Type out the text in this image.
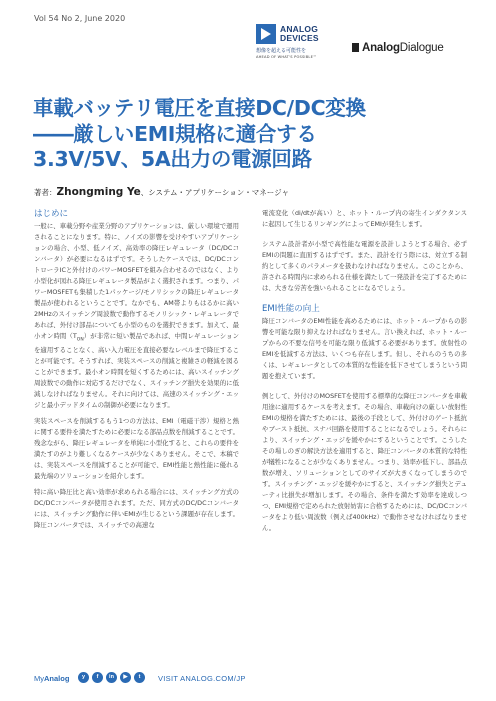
Vol 54 No 2, June 2020
ANALOG
DEVICES
想像を超える可能性を
AHEAD OF WHAT'S POSSIBLE™
AnalogDialogue
車載バッテリ電圧を直接DC/DC変換
――厳しいEMI規格に適合する
3.3V/5V、5A出力の電源回路
著者：Zhongming Ye、システム・アプリケーション・マネージャ
はじめに

一般に、車載分野や産業分野のアプリケーションは、厳しい環境で運用されることになります。特に、ノイズの影響を受けやすいアプリケーションの場合、小型、低ノイズ、高効率の降圧レギュレータ（DC/DCコンバータ）が必要になるはずです。そうしたケースでは、DC/DCコントローラICと外付けのパワーMOSFETを組み合わせるのではなく、より小型化が図れる降圧レギュレータ製品がよく選択されます。つまり、パワーMOSFETも集積した1パッケージ/モノリシックの降圧レギュレータ製品が使われるということです。なかでも、AM帯よりもはるかに高い2MHzのスイッチング周波数で動作するモノリシック・レギュレータであれば、外付け部品についても小型のものを選択できます。加えて、最小オン時間$(T_{ON})$が非常に短い製品であれば、中間レギュレーションを適用することなく、高い入力電圧を直接必要なレベルまで降圧することが可能です。そうすれば、実装スペースの削減と複雑さの軽減を図ることができます。最小オン時間を短くするためには、高いスイッチング周波数での動作に対応するだけでなく、スイッチング損失を効果的に低減しなければなりません。それに向けては、高速のスイッチング・エッジと最小デッドタイムの制御が必要になります。

実装スペースを削減するもう1つの方法は、EMI（電磁干渉）規格と熱に関する要件を満たすために必要になる部品点数を削減することです。残念ながら、降圧レギュレータを単純に小型化すると、これらの要件を満たすのがより難しくなるケースが少なくありません。そこで、本稿では、実装スペースを削減することが可能で、EMI性能と熱性能に優れる最先端のソリューションを紹介します。

特に高い降圧比と高い効率が求められる場合には、スイッチング方式のDC/DCコンバータが使用されます。ただ、同方式のDC/DCコンバータには、スイッチング動作に伴いEMIが生じるという課題が存在します。降圧コンバータでは、スイッチでの高速な

電流変化（di/dtが高い）と、ホット・ループ内の寄生インダクタンスに起因して生じるリンギングによってEMIが発生します。

システム設計者が小型で高性能な電源を設計しようとする場合、必ずEMIの問題に直面するはずです。また、設計を行う際には、対立する制約として多くのパラメータを扱わなければなりません。このことから、許される時間内に求められる仕様を満たして一発設計を完了するためには、大きな労苦を強いられることになるでしょう。

EMI性能の向上

降圧コンバータのEMI性能を高めるためには、ホット・ループからの影響を可能な限り抑えなければなりません。言い換えれば、ホット・ループからの不要な信号を可能な限り低減する必要があります。放射性のEMIを低減する方法は、いくつも存在します。但し、それらのうちの多くは、レギュレータとしての本質的な性能を低下させてしまうという問題を抱えています。

例として、外付けのMOSFETを使用する標準的な降圧コンバータを車載用途に適用するケースを考えます。その場合、車載向けの厳しい放射性EMIの規格を満たすためには、最後の手段として、外付けのゲート抵抗やブースト抵抗、スナバ回路を使用することになるでしょう。それらにより、スイッチング・エッジを緩やかにするということです。こうしたその場しのぎの解決方法を適用すると、降圧コンバータの本質的な特性が犠牲になることが少なくありません。つまり、効率が低下し、部品点数が増え、ソリューションとしてのサイズが大きくなってしまうのです。スイッチング・エッジを緩やかにすると、スイッチング損失とデューティ比損失が増加します。その場合、条件を満たす効率を達成しつつ、EMI規格で定められた放射妨害に合格するためには、DC/DCコンバータをより低い周波数（例えば400kHz）で動作させなければなりません。

MyAnalog	y	f	in	▶	t	VISIT ANALOG.COM/JP
